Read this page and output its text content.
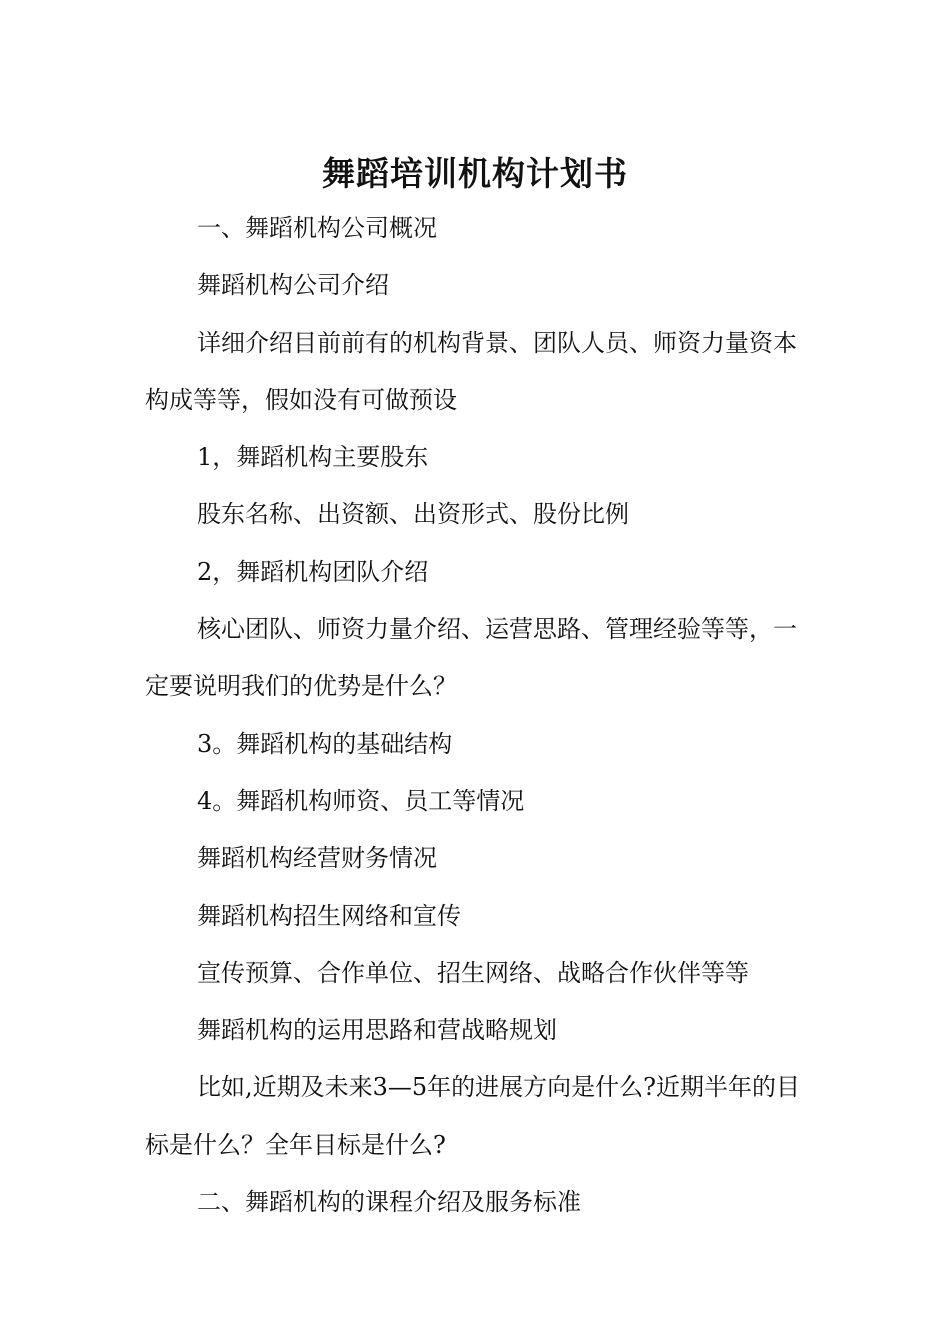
舞蹈培训机构计划书

一、舞蹈机构公司概况

舞蹈机构公司介绍

详细介绍目前前有的机构背景、团队人员、师资力量资本构成等等，假如没有可做预设

1，舞蹈机构主要股东

股东名称、出资额、出资形式、股份比例

2，舞蹈机构团队介绍

核心团队、师资力量介绍、运营思路、管理经验等等，一定要说明我们的优势是什么？

3。舞蹈机构的基础结构

4。舞蹈机构师资、员工等情况

舞蹈机构经营财务情况

舞蹈机构招生网络和宣传

宣传预算、合作单位、招生网络、战略合作伙伴等等

舞蹈机构的运用思路和营战略规划

比如,近期及未来3—5年的进展方向是什么?近期半年的目标是什么？全年目标是什么?

二、舞蹈机构的课程介绍及服务标准
